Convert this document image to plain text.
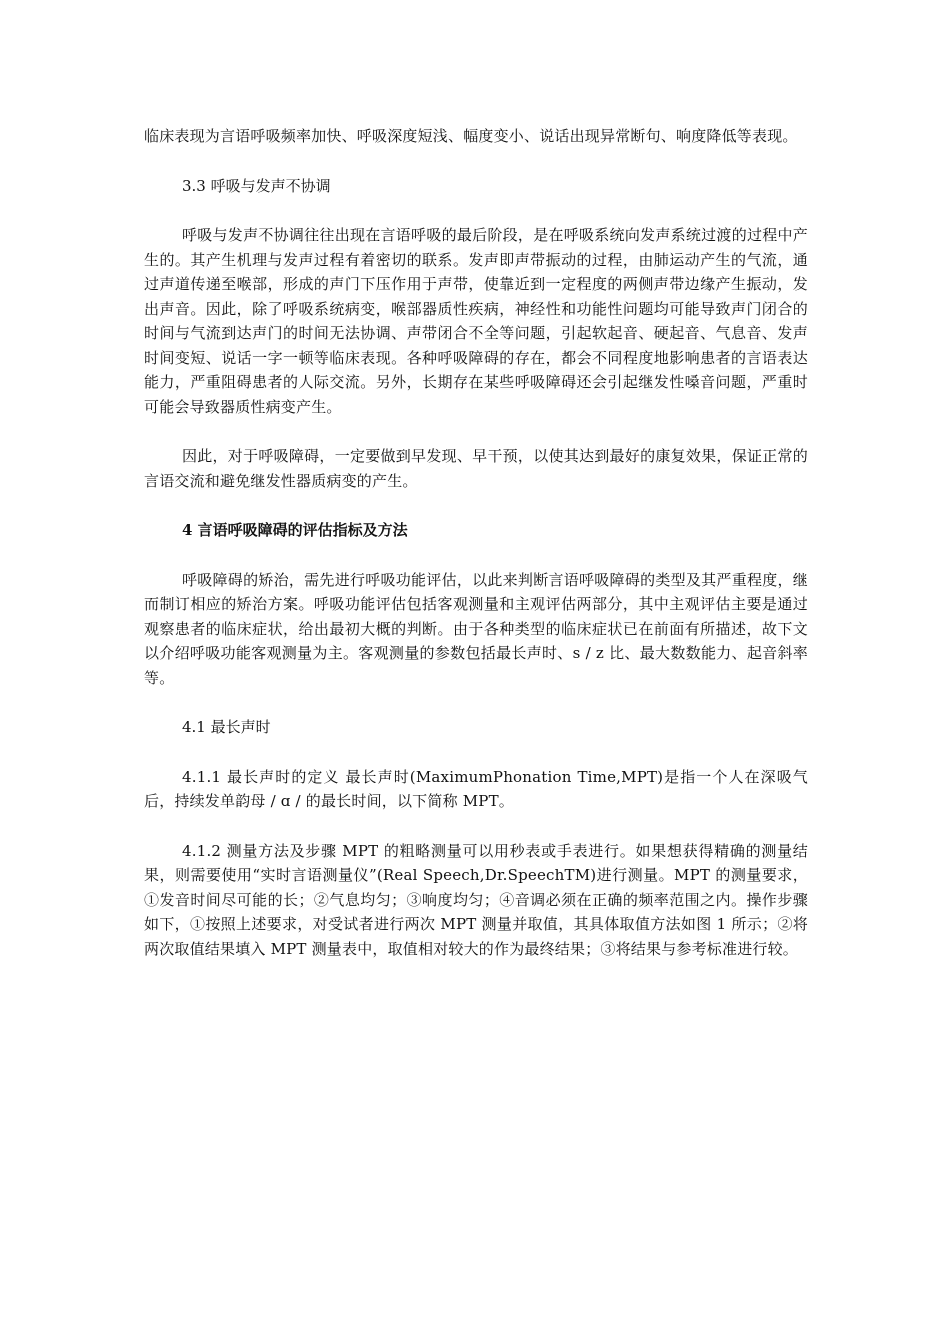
临床表现为言语呼吸频率加快、呼吸深度短浅、幅度变小、说话出现异常断句、响度降低等表现。

3.3 呼吸与发声不协调

呼吸与发声不协调往往出现在言语呼吸的最后阶段，是在呼吸系统向发声系统过渡的过程中产生的。其产生机理与发声过程有着密切的联系。发声即声带振动的过程，由肺运动产生的气流，通过声道传递至喉部，形成的声门下压作用于声带，使靠近到一定程度的两侧声带边缘产生振动，发出声音。因此，除了呼吸系统病变，喉部器质性疾病，神经性和功能性问题均可能导致声门闭合的时间与气流到达声门的时间无法协调、声带闭合不全等问题，引起软起音、硬起音、气息音、发声时间变短、说话一字一顿等临床表现。各种呼吸障碍的存在，都会不同程度地影响患者的言语表达能力，严重阻碍患者的人际交流。另外，长期存在某些呼吸障碍还会引起继发性嗓音问题，严重时可能会导致器质性病变产生。

因此，对于呼吸障碍，一定要做到早发现、早干预，以使其达到最好的康复效果，保证正常的言语交流和避免继发性器质病变的产生。

4 言语呼吸障碍的评估指标及方法

呼吸障碍的矫治，需先进行呼吸功能评估，以此来判断言语呼吸障碍的类型及其严重程度，继而制订相应的矫治方案。呼吸功能评估包括客观测量和主观评估两部分，其中主观评估主要是通过观察患者的临床症状，给出最初大概的判断。由于各种类型的临床症状已在前面有所描述，故下文以介绍呼吸功能客观测量为主。客观测量的参数包括最长声时、s / z 比、最大数数能力、起音斜率等。

4.1 最长声时

4.1.1 最长声时的定义 最长声时(MaximumPhonation Time,MPT)是指一个人在深吸气后，持续发单韵母 / ɑ / 的最长时间，以下简称 MPT。

4.1.2 测量方法及步骤 MPT 的粗略测量可以用秒表或手表进行。如果想获得精确的测量结果，则需要使用“实时言语测量仪”(Real Speech,Dr.SpeechTM)进行测量。MPT 的测量要求，①发音时间尽可能的长；②气息均匀；③响度均匀；④音调必须在正确的频率范围之内。操作步骤如下，①按照上述要求，对受试者进行两次 MPT 测量并取值，其具体取值方法如图 1 所示；②将两次取值结果填入 MPT 测量表中，取值相对较大的作为最终结果；③将结果与参考标准进行较。
